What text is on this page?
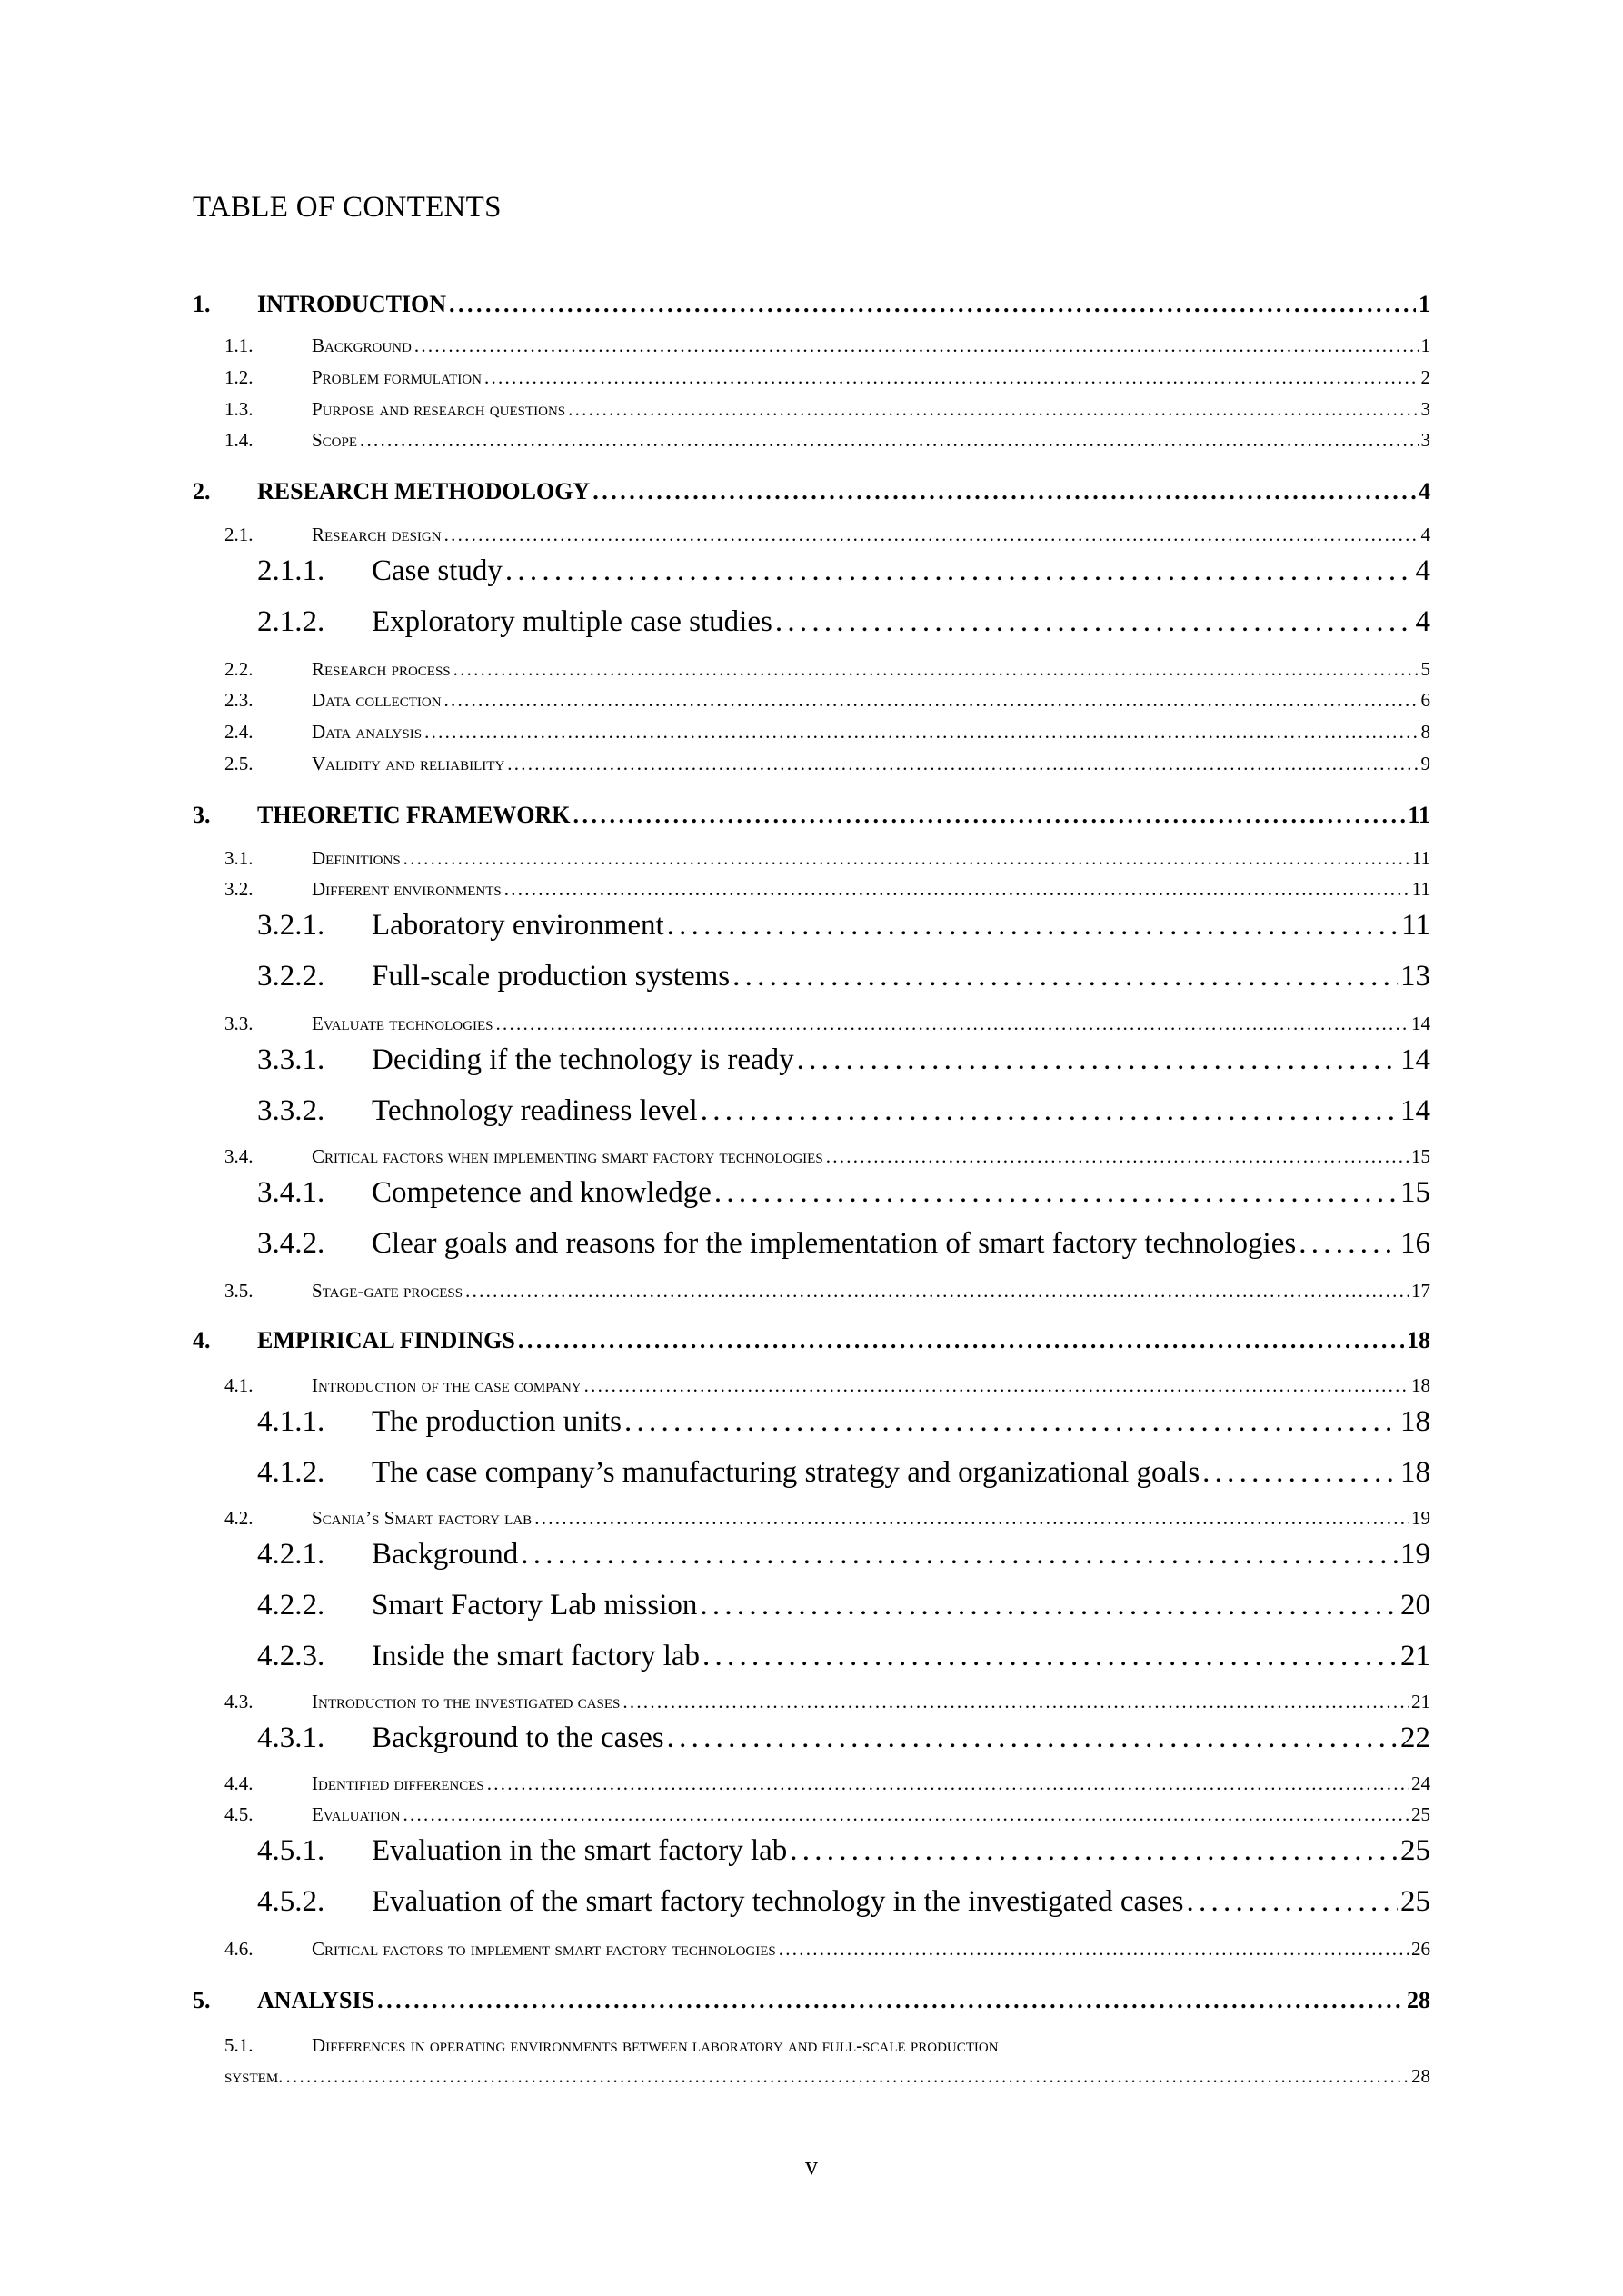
TABLE OF CONTENTS
1.	INTRODUCTION . . .	1
1.1.	Background . . .	1
1.2.	Problem formulation . . .	2
1.3.	Purpose and research questions . . .	3
1.4.	Scope . . .	3
2.	RESEARCH METHODOLOGY . . .	4
2.1.	Research design . . .	4
2.1.1.	Case study . . .	4
2.1.2.	Exploratory multiple case studies . . .	4
2.2.	Research process . . .	5
2.3.	Data collection . . .	6
2.4.	Data analysis . . .	8
2.5.	Validity and reliability . . .	9
3.	THEORETIC FRAMEWORK . . .	11
3.1.	Definitions . . .	11
3.2.	Different environments . . .	11
3.2.1.	Laboratory environment . . .	11
3.2.2.	Full-scale production systems . . .	13
3.3.	Evaluate technologies . . .	14
3.3.1.	Deciding if the technology is ready . . .	14
3.3.2.	Technology readiness level . . .	14
3.4.	Critical factors when implementing smart factory technologies . . .	15
3.4.1.	Competence and knowledge . . .	15
3.4.2.	Clear goals and reasons for the implementation of smart factory technologies . . .	16
3.5.	Stage-gate process . . .	17
4.	EMPIRICAL FINDINGS . . .	18
4.1.	Introduction of the case company . . .	18
4.1.1.	The production units . . .	18
4.1.2.	The case company’s manufacturing strategy and organizational goals . . .	18
4.2.	Scania’s Smart factory lab . . .	19
4.2.1.	Background . . .	19
4.2.2.	Smart Factory Lab mission . . .	20
4.2.3.	Inside the smart factory lab . . .	21
4.3.	Introduction to the investigated cases . . .	21
4.3.1.	Background to the cases . . .	22
4.4.	Identified differences . . .	24
4.5.	Evaluation . . .	25
4.5.1.	Evaluation in the smart factory lab . . .	25
4.5.2.	Evaluation of the smart factory technology in the investigated cases . . .	25
4.6.	Critical factors to implement smart factory technologies . . .	26
5.	ANALYSIS . . .	28
5.1.	Differences in operating environments between laboratory and full-scale production
system. . . .	28
v
